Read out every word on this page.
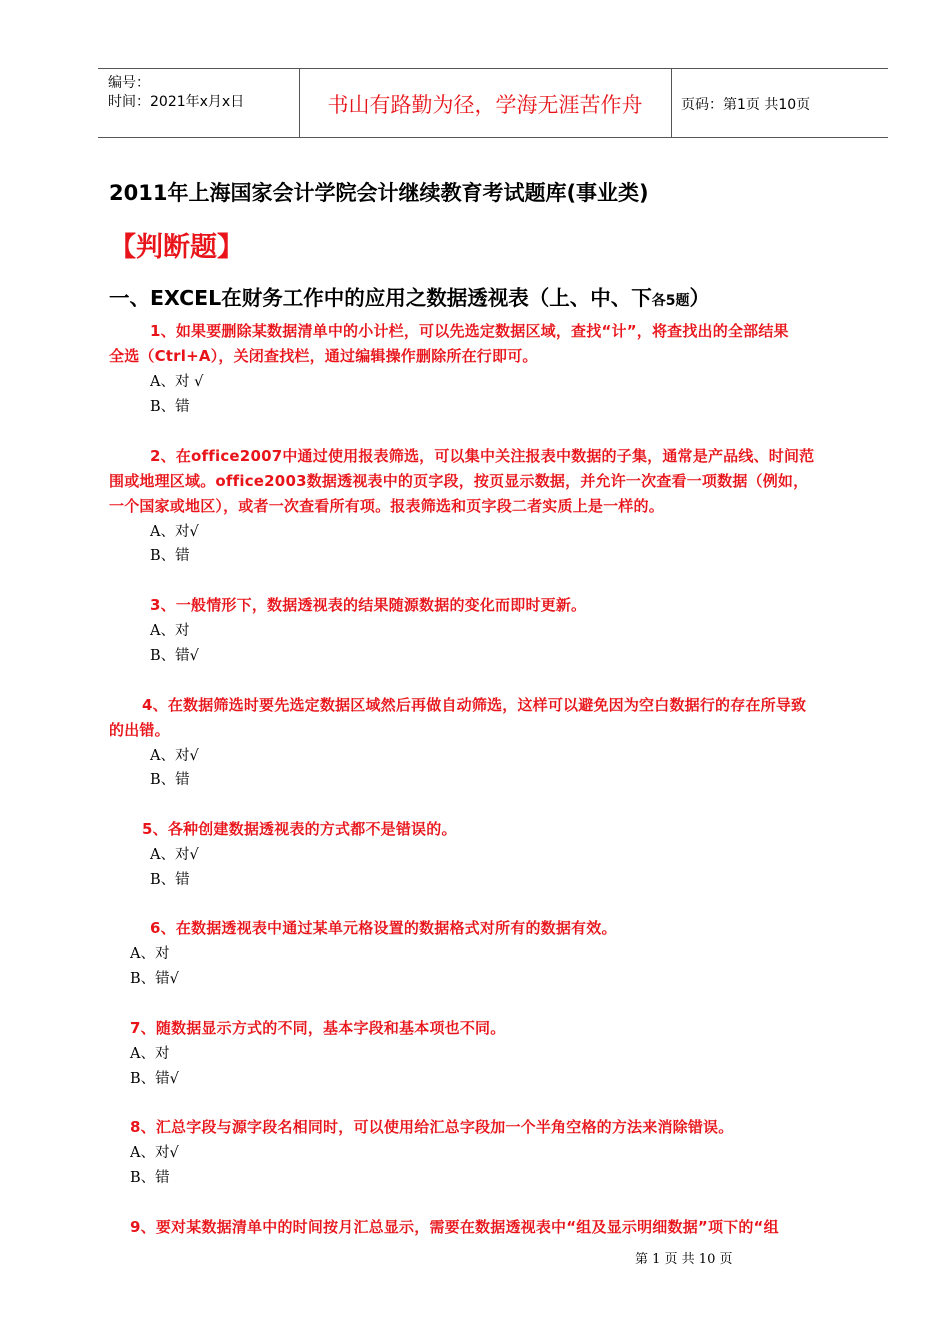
编号：
时间：2021年x月x日	书山有路勤为径，学海无涯苦作舟	页码：第1页 共10页
2011年上海国家会计学院会计继续教育考试题库(事业类)
【判断题】
一、EXCEL在财务工作中的应用之数据透视表（上、中、下各5题）
1、如果要删除某数据清单中的小计栏，可以先选定数据区域，查找“计”，将查找出的全部结果
全选（Ctrl+A），关闭查找栏，通过编辑操作删除所在行即可。
A、对 √
B、错
2、在office2007中通过使用报表筛选，可以集中关注报表中数据的子集，通常是产品线、时间范
围或地理区域。office2003数据透视表中的页字段，按页显示数据，并允许一次查看一项数据（例如，
一个国家或地区），或者一次查看所有项。报表筛选和页字段二者实质上是一样的。
A、对√
B、错
3、一般情形下，数据透视表的结果随源数据的变化而即时更新。
A、对
B、错√
4、在数据筛选时要先选定数据区域然后再做自动筛选，这样可以避免因为空白数据行的存在所导致
的出错。
A、对√
B、错
5、各种创建数据透视表的方式都不是错误的。
A、对√
B、错
6、在数据透视表中通过某单元格设置的数据格式对所有的数据有效。
A、对
B、错√
7、随数据显示方式的不同，基本字段和基本项也不同。
A、对
B、错√
8、汇总字段与源字段名相同时，可以使用给汇总字段加一个半角空格的方法来消除错误。
A、对√
B、错
9、要对某数据清单中的时间按月汇总显示，需要在数据透视表中“组及显示明细数据”项下的“组
第 1 页 共 10 页
